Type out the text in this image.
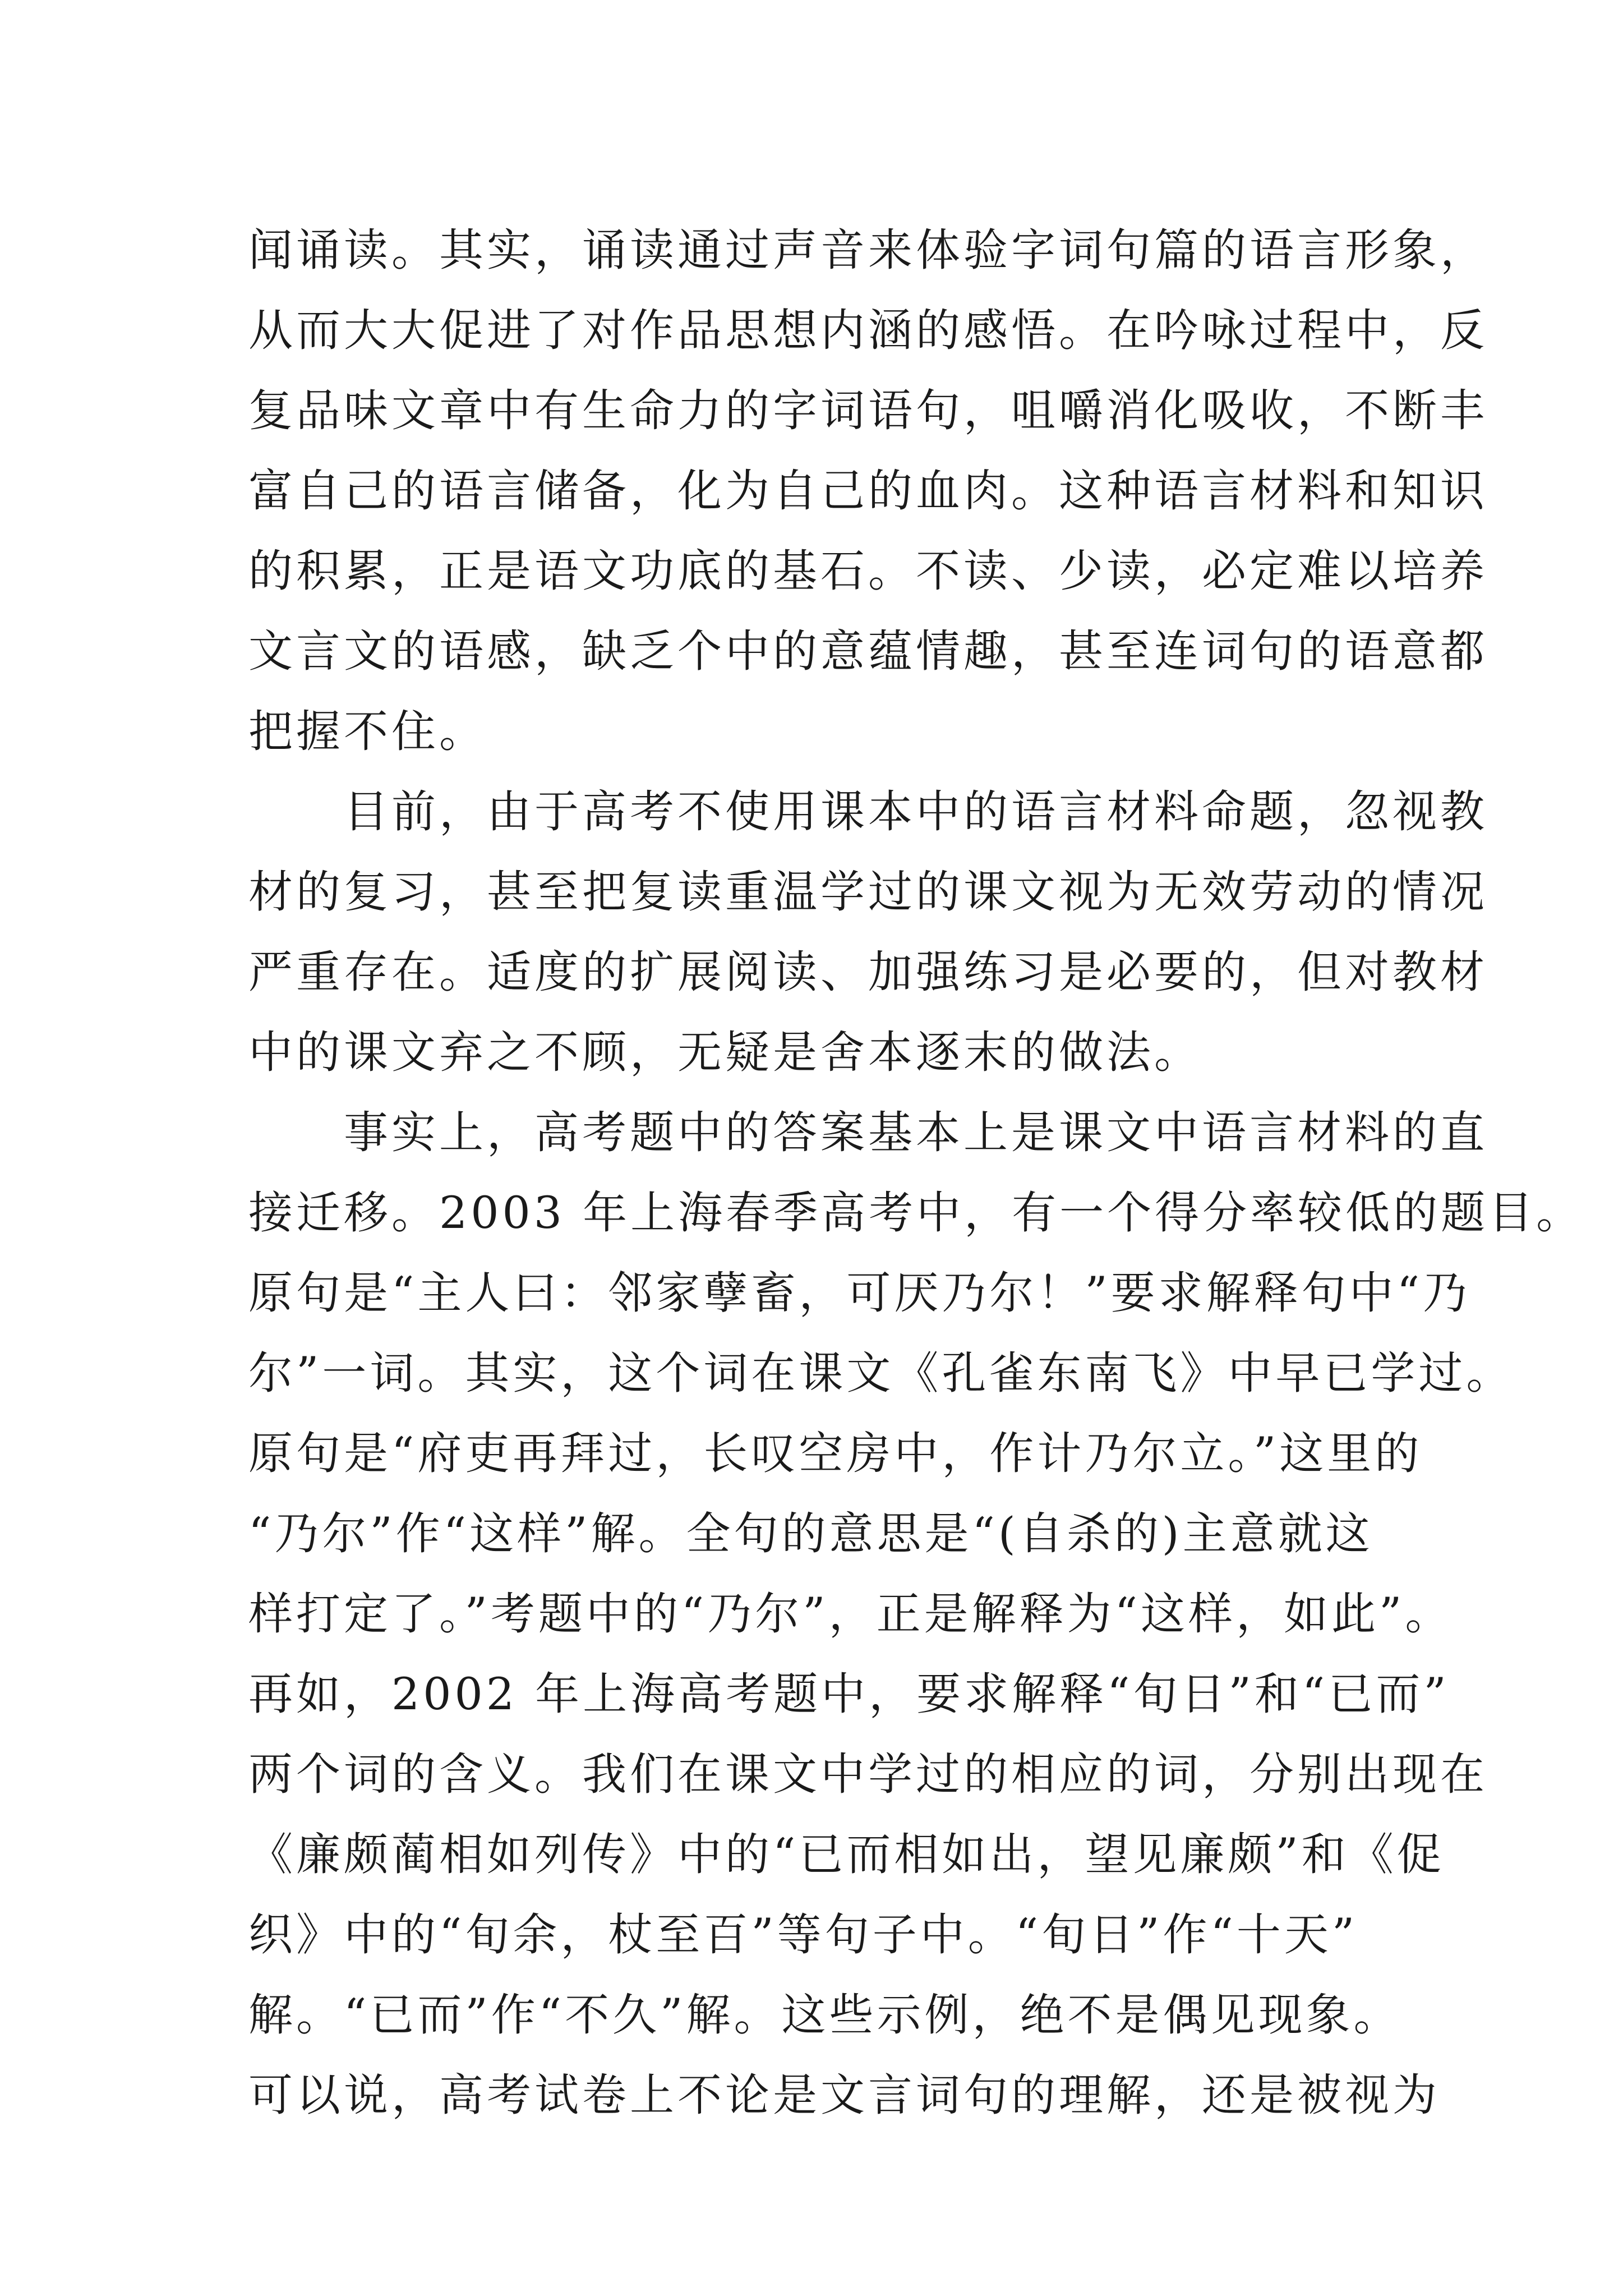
闻诵读。其实，诵读通过声音来体验字词句篇的语言形象，
从而大大促进了对作品思想内涵的感悟。在吟咏过程中，反
复品味文章中有生命力的字词语句，咀嚼消化吸收，不断丰
富自己的语言储备，化为自己的血肉。这种语言材料和知识
的积累，正是语文功底的基石。不读、少读，必定难以培养
文言文的语感，缺乏个中的意蕴情趣，甚至连词句的语意都
把握不住。
目前，由于高考不使用课本中的语言材料命题，忽视教
材的复习，甚至把复读重温学过的课文视为无效劳动的情况
严重存在。适度的扩展阅读、加强练习是必要的，但对教材
中的课文弃之不顾，无疑是舍本逐末的做法。
事实上，高考题中的答案基本上是课文中语言材料的直
接迁移。2003 年上海春季高考中，有一个得分率较低的题目。
原句是“主人曰：邻家孽畜，可厌乃尔！”要求解释句中“乃
尔”一词。其实，这个词在课文《孔雀东南飞》中早已学过。
原句是“府吏再拜过，长叹空房中，作计乃尔立。”这里的
“乃尔”作“这样”解。全句的意思是“(自杀的)主意就这
样打定了。”考题中的“乃尔”，正是解释为“这样，如此”。
再如，2002 年上海高考题中，要求解释“旬日”和“已而”
两个词的含义。我们在课文中学过的相应的词，分别出现在
《廉颇蔺相如列传》中的“已而相如出，望见廉颇”和《促
织》中的“旬余，杖至百”等句子中。“旬日”作“十天”
解。“已而”作“不久”解。这些示例，绝不是偶见现象。
可以说，高考试卷上不论是文言词句的理解，还是被视为
